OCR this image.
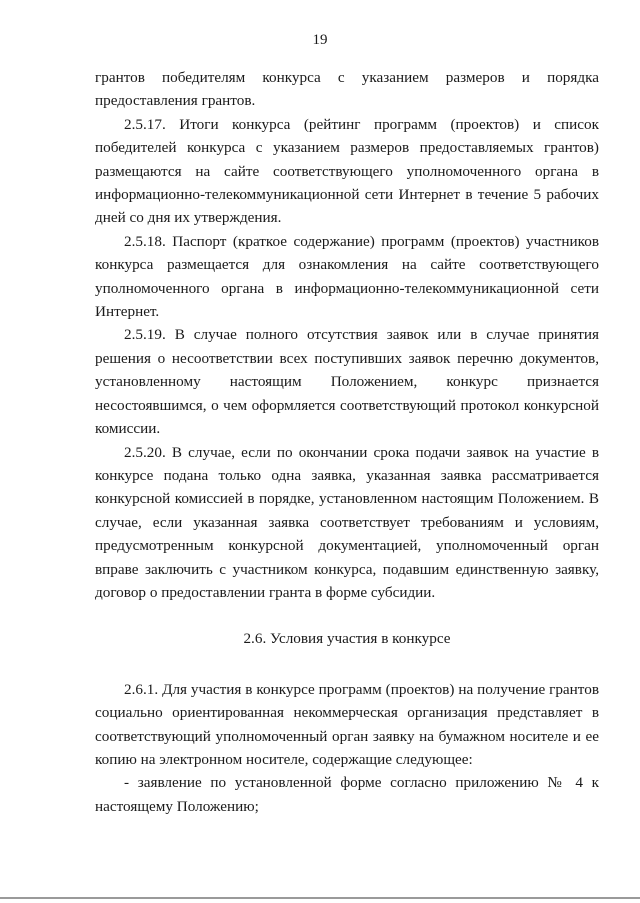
19

грантов победителям конкурса с указанием размеров и порядка предоставления грантов.

2.5.17. Итоги конкурса (рейтинг программ (проектов) и список победителей конкурса с указанием размеров предоставляемых грантов) размещаются на сайте соответствующего уполномоченного органа в информационно-телекоммуникационной сети Интернет в течение 5 рабочих дней со дня их утверждения.

2.5.18. Паспорт (краткое содержание) программ (проектов) участников конкурса размещается для ознакомления на сайте соответствующего уполномоченного органа в информационно-телекоммуникационной сети Интернет.

2.5.19. В случае полного отсутствия заявок или в случае принятия решения о несоответствии всех поступивших заявок перечню документов, установленному настоящим Положением, конкурс признается несостоявшимся, о чем оформляется соответствующий протокол конкурсной комиссии.

2.5.20. В случае, если по окончании срока подачи заявок на участие в конкурсе подана только одна заявка, указанная заявка рассматривается конкурсной комиссией в порядке, установленном настоящим Положением. В случае, если указанная заявка соответствует требованиям и условиям, предусмотренным конкурсной документацией, уполномоченный орган вправе заключить с участником конкурса, подавшим единственную заявку, договор о предоставлении гранта в форме субсидии.

2.6. Условия участия в конкурсе

2.6.1. Для участия в конкурсе программ (проектов) на получение грантов социально ориентированная некоммерческая организация представляет в соответствующий уполномоченный орган заявку на бумажном носителе и ее копию на электронном носителе, содержащие следующее:

- заявление по установленной форме согласно приложению № 4 к настоящему Положению;
